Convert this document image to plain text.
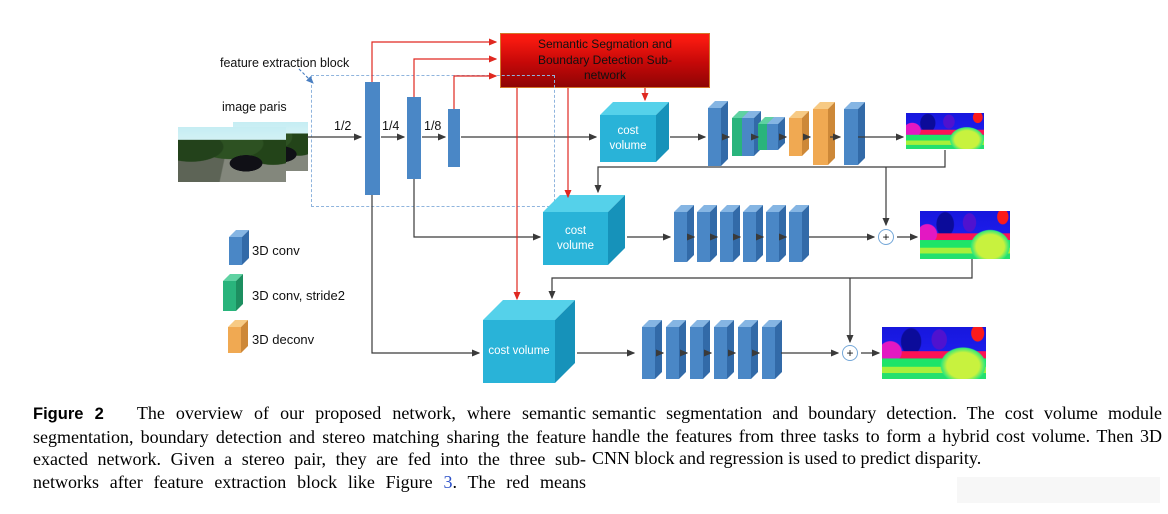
Semantic Segmation and Boundary Detection Sub-network
feature extraction block
image paris
1/2 1/4 1/8	cost volume
cost volume
cost volume
+
+
3D conv
3D conv, stride2
3D deconv
Figure 2 The overview of our proposed network, where semantic segmentation, boundary detection and stereo matching sharing the feature exacted network. Given a stereo pair, they are fed into the three sub-networks after feature extraction block like Figure 3. The red means
semantic segmentation and boundary detection. The cost volume module handle the features from three tasks to form a hybrid cost volume. Then 3D CNN block and regression is used to predict disparity.
